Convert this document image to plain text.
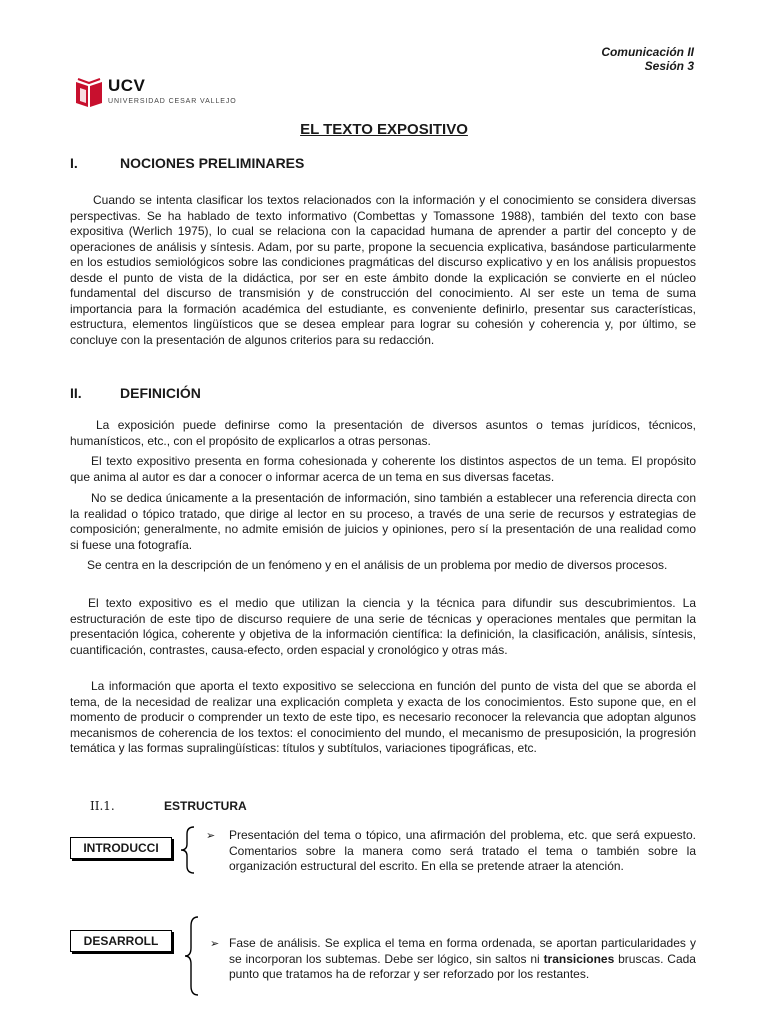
Comunicación II
Sesión 3
UCV
UNIVERSIDAD CESAR VALLEJO
EL TEXTO EXPOSITIVO
I.	NOCIONES PRELIMINARES
Cuando se intenta clasificar los textos relacionados con la información y el conocimiento se considera diversas perspectivas. Se ha hablado de texto informativo (Combettas y Tomassone 1988), también del texto con base expositiva (Werlich 1975), lo cual se relaciona con la capacidad humana de aprender a partir del concepto y de operaciones de análisis y síntesis. Adam, por su parte, propone la secuencia explicativa, basándose particularmente en los estudios semiológicos sobre las condiciones pragmáticas del discurso explicativo y en los análisis propuestos desde el punto de vista de la didáctica, por ser en este ámbito donde la explicación se convierte en el núcleo fundamental del discurso de transmisión y de construcción del conocimiento. Al ser este un tema de suma importancia para la formación académica del estudiante, es conveniente definirlo, presentar sus características, estructura, elementos lingüísticos que se desea emplear para lograr su cohesión y coherencia y, por último, se concluye con la presentación de algunos criterios para su redacción.
II.	DEFINICIÓN
La exposición puede definirse como la presentación de diversos asuntos o temas jurídicos, técnicos, humanísticos, etc., con el propósito de explicarlos a otras personas.
El texto expositivo presenta en forma cohesionada y coherente los distintos aspectos de un tema. El propósito que anima al autor es dar a conocer o informar acerca de un tema en sus diversas facetas.
No se dedica únicamente a la presentación de información, sino también a establecer una referencia directa con la realidad o tópico tratado, que dirige al lector en su proceso, a través de una serie de recursos y estrategias de composición; generalmente, no admite emisión de juicios y opiniones, pero sí la presentación de una realidad como si fuese una fotografía.
Se centra en la descripción de un fenómeno y en el análisis de un problema por medio de diversos procesos.
El texto expositivo es el medio que utilizan la ciencia y la técnica para difundir sus descubrimientos. La estructuración de este tipo de discurso requiere de una serie de técnicas y operaciones mentales que permitan la presentación lógica, coherente y objetiva de la información científica: la definición, la clasificación, análisis, síntesis, cuantificación, contrastes, causa-efecto, orden espacial y cronológico y otras más.
La información que aporta el texto expositivo se selecciona en función del punto de vista del que se aborda el tema, de la necesidad de realizar una explicación completa y exacta de los conocimientos. Esto supone que, en el momento de producir o comprender un texto de este tipo, es necesario reconocer la relevancia que adoptan algunos mecanismos de coherencia de los textos: el conocimiento del mundo, el mecanismo de presuposición, la progresión temática y las formas supralingüísticas: títulos y subtítulos, variaciones tipográficas, etc.
II.1.	ESTRUCTURA
INTRODUCCI
➢ Presentación del tema o tópico, una afirmación del problema, etc. que será expuesto. Comentarios sobre la manera como será tratado el tema o también sobre la organización estructural del escrito. En ella se pretende atraer la atención.
DESARROLL	➢ Fase de análisis. Se explica el tema en forma ordenada, se aportan particularidades y se incorporan los subtemas. Debe ser lógico, sin saltos ni transiciones bruscas. Cada punto que tratamos ha de reforzar y ser reforzado por los restantes.
